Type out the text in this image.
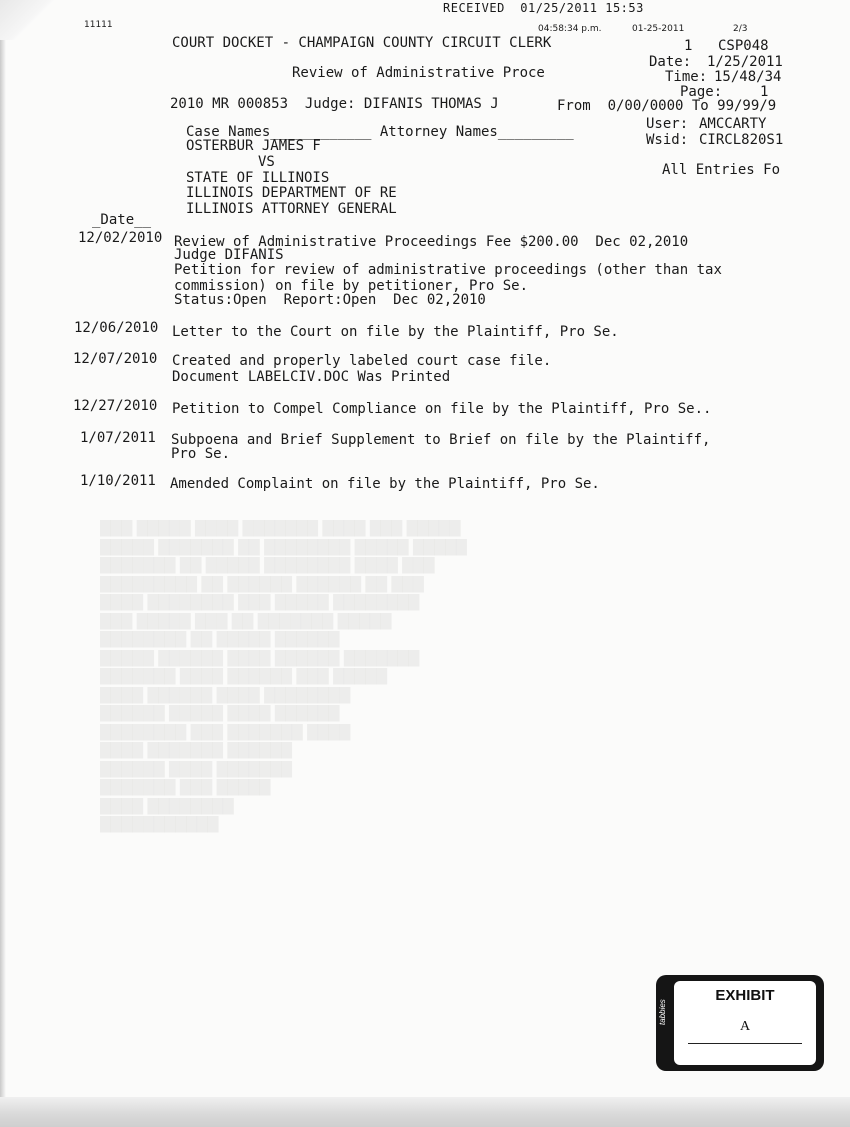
RECEIVED  01/25/2011 15:53
11111	04:58:34 p.m.	01-25-2011	2/3
COURT DOCKET - CHAMPAIGN COUNTY CIRCUIT CLERK	1 CSP048
Date: 1/25/2011
Review of Administrative Proce	Time: 15/48/34
Page:	1
2010 MR 000853  Judge: DIFANIS THOMAS J	From  0/00/0000 To 99/99/9
User: AMCCARTY
Wsid: CIRCL820S1
All Entries Fo
Case Names____________ Attorney Names_________
OSTERBUR JAMES F
VS
STATE OF ILLINOIS
ILLINOIS DEPARTMENT OF RE
ILLINOIS ATTORNEY GENERAL
_Date__
12/02/2010 Review of Administrative Proceedings Fee $200.00  Dec 02,2010
Judge DIFANIS
Petition for review of administrative proceedings (other than tax
commission) on file by petitioner, Pro Se.
Status:Open  Report:Open  Dec 02,2010
12/06/2010 Letter to the Court on file by the Plaintiff, Pro Se.
12/07/2010 Created and properly labeled court case file.
Document LABELCIV.DOC Was Printed
12/27/2010 Petition to Compel Compliance on file by the Plaintiff, Pro Se..
1/07/2011 Subpoena and Brief Supplement to Brief on file by the Plaintiff,
Pro Se.
1/10/2011 Amended Complaint on file by the Plaintiff, Pro Se.

███ █████ ████ ███████ ████ ███ █████

█████ ███████ ██ ████████ █████ █████

███████ ██ █████ ████████ ████ ███

█████████ ██ ██████ ██████ ██ ███

████ ████████ ███ █████ ████████

███ █████ ███ ██ ███████ █████

████████ ██ █████ ██████

█████ ██████ ████ ██████ ███████

███████ ████ ██████ ███ █████

████ ██████ ████ ████████

██████ █████ ████ ██████

████████ ███ ███████ ████

████ ███████ ██████

██████ ████ ███████

███████ ███ █████

████ ████████

███████████

tabbies
EXHIBIT
A
